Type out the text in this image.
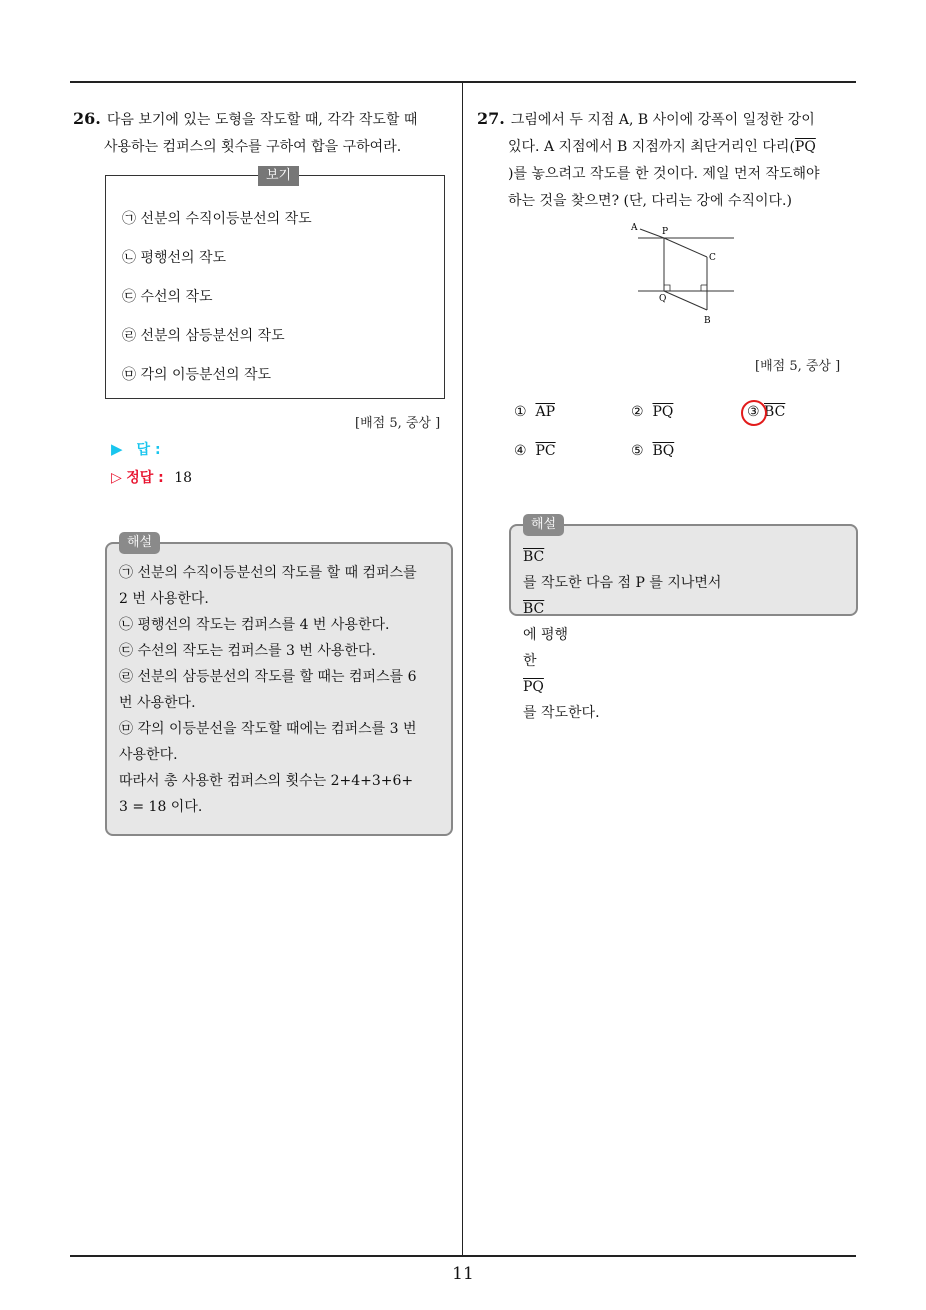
11
26. 다음 보기에 있는 도형을 작도할 때, 각각 작도할 때
사용하는 컴퍼스의 횟수를 구하여 합을 구하여라.
보기
㉠ 선분의 수직이등분선의 작도
㉡ 평행선의 작도
㉢ 수선의 작도
㉣ 선분의 삼등분선의 작도
㉤ 각의 이등분선의 작도
[배점 5, 중상 ]
▶ 답 :
▷ 정답 : 18
해설
㉠ 선분의 수직이등분선의 작도를 할 때 컴퍼스를
2 번 사용한다.
㉡ 평행선의 작도는 컴퍼스를 4 번 사용한다.
㉢ 수선의 작도는 컴퍼스를 3 번 사용한다.
㉣ 선분의 삼등분선의 작도를 할 때는 컴퍼스를 6
번 사용한다.
㉤ 각의 이등분선을 작도할 때에는 컴퍼스를 3 번
사용한다.
따라서 총 사용한 컴퍼스의 횟수는 2+4+3+6+
3 = 18 이다.
27. 그림에서 두 지점 A, B 사이에 강폭이 일정한 강이
있다. A 지점에서 B 지점까지 최단거리인 다리($\overline{PQ}$
)를 놓으려고 작도를 한 것이다. 제일 먼저 작도해야
하는 것을 찾으면? (단, 다리는 강에 수직이다.)
A	P
C
Q
B
[배점 5, 중상 ]
① $\overline{AP}$	② $\overline{PQ}$	③ $\overline{BC}$
④ $\overline{PC}$	⑤ $\overline{BQ}$
해설
$\overline{BC}$
를 작도한 다음 점 P 를 지나면서
$\overline{BC}$
에 평행
한
$\overline{PQ}$
를 작도한다.
